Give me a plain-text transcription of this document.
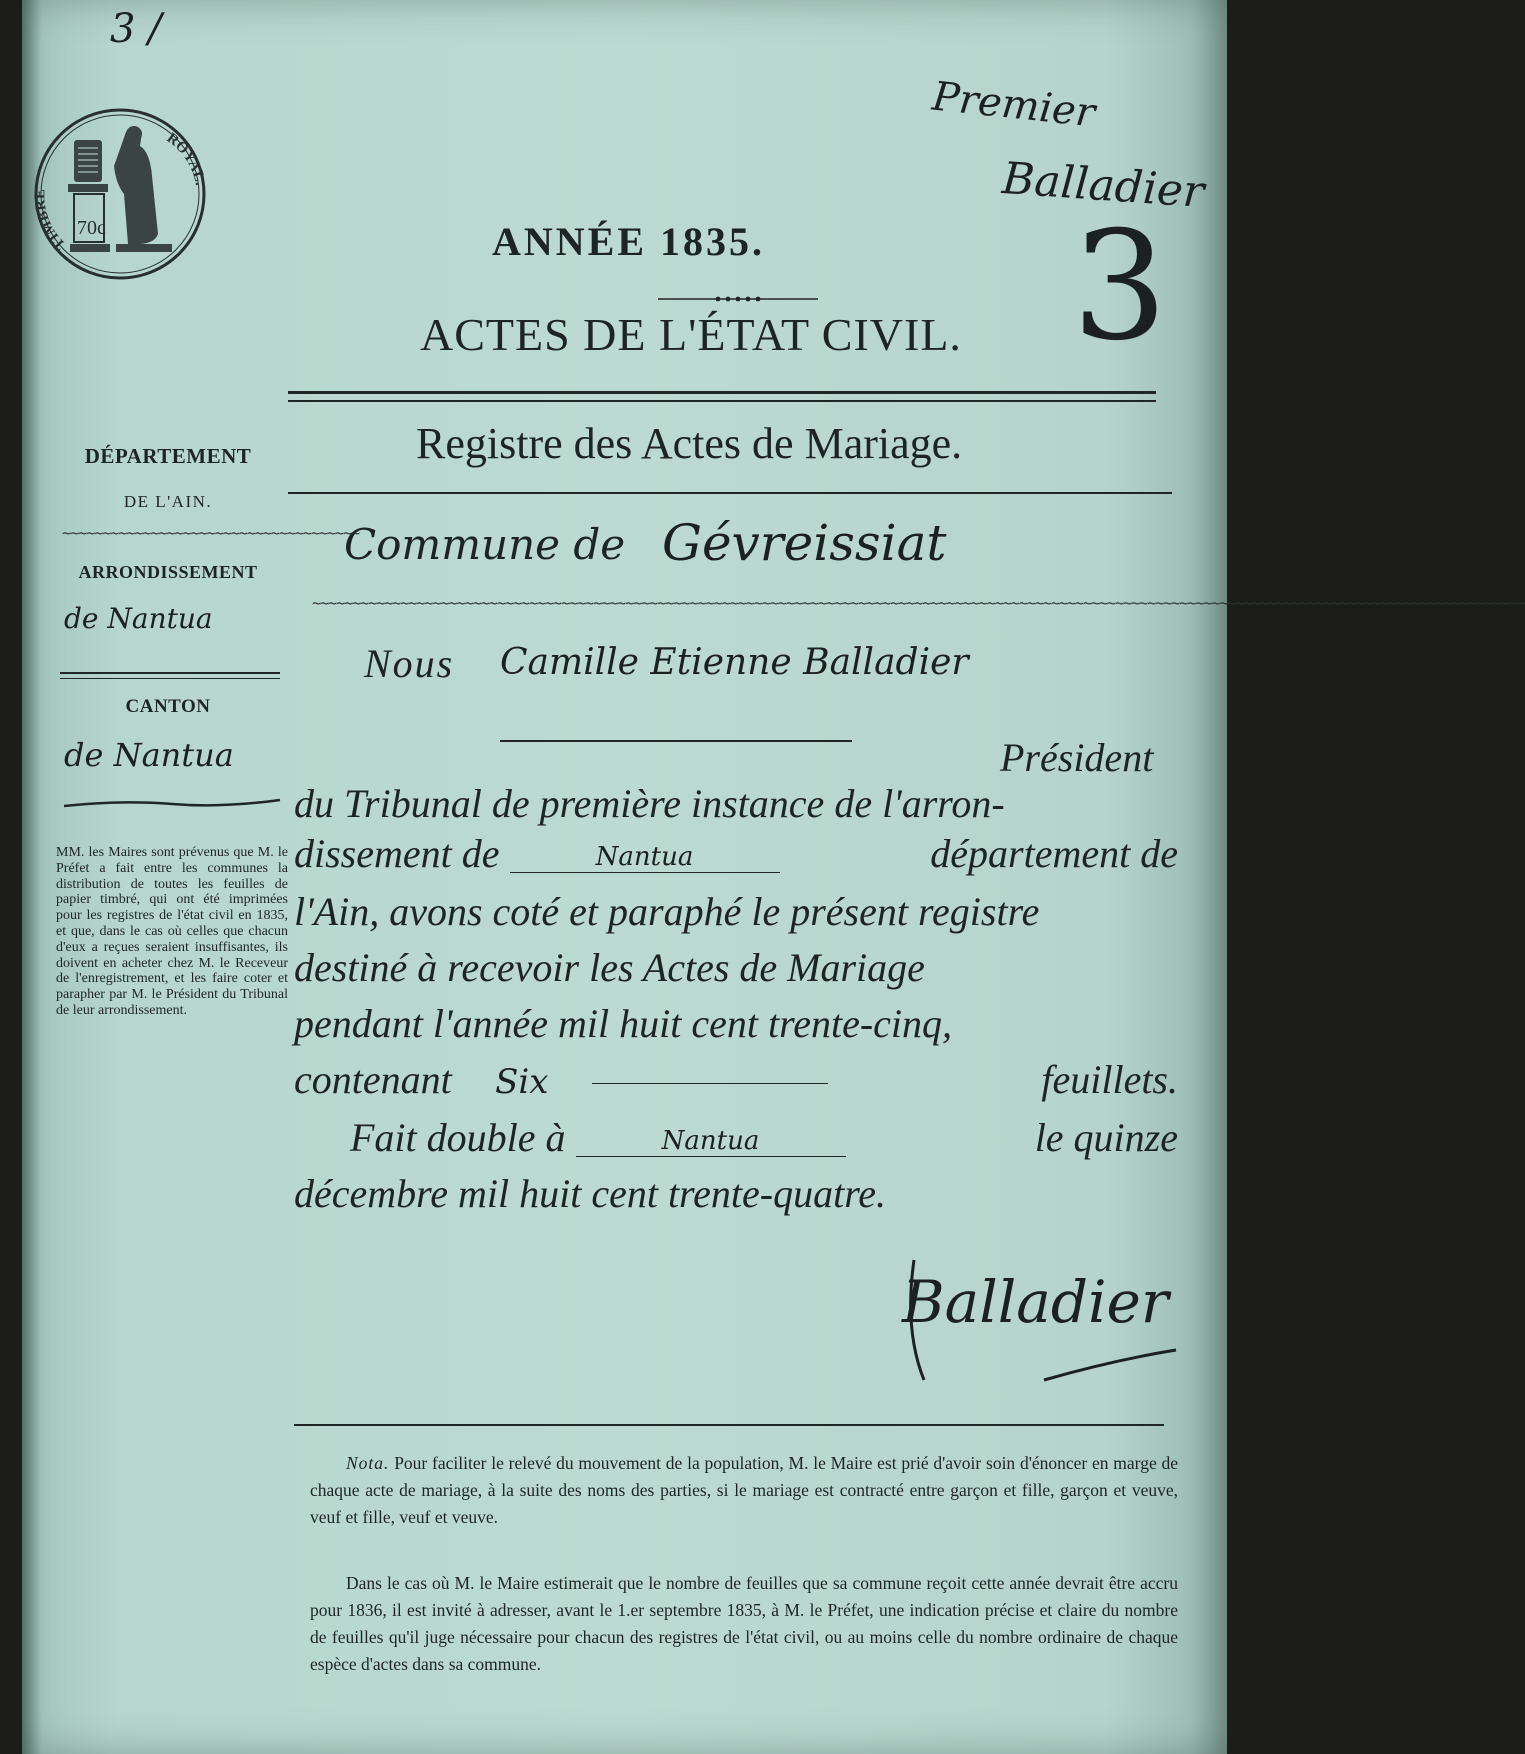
3 /
TIMBRE
ROYAL.
70c	ANNÉE 1835.
ACTES DE L'ÉTAT CIVIL.
Premier
Balladier
3
Registre des Actes de Mariage.
DÉPARTEMENT
DE L'AIN.
~~~~~~~~~~~~~~~~~~~~~~~~~~~~~~~~~~~~~
ARRONDISSEMENT
de Nantua
CANTON
de Nantua
MM. les Maires sont prévenus que M. le Préfet a fait entre les communes la distribution de toutes les feuilles de papier timbré, qui ont été imprimées pour les registres de l'état civil en 1835, et que, dans le cas où celles que chacun d'eux a reçues seraient insuffisantes, ils doivent en acheter chez M. le Receveur de l'enregistrement, et les faire coter et parapher par M. le Président du Tribunal de leur arrondissement.
Commune de Gévreissiat
~~~~~~~~~~~~~~~~~~~~~~~~~~~~~~~~~~~~~~~~~~~~~~~~~~~~~~~~~~~~~~~~~~~~~~~~~~~~~~~~~~~~~~~~~~~~~~~~~~~~~~~~~~~~~~~~~~~~~~~~~~~~~~~~~~~~~~~~~~~~~~~~~~~~~~~
Nous Camille Etienne Balladier
Président
du Tribunal de première instance de l'arron-
dissement de	Nantua	département de
l'Ain, avons coté et paraphé le présent registre
destiné à recevoir les Actes de Mariage
pendant l'année mil huit cent trente-cinq,
contenant Six	feuillets.
Fait double à	Nantua	le quinze
décembre mil huit cent trente-quatre.
Balladier
Nota. Pour faciliter le relevé du mouvement de la population, M. le Maire est prié d'avoir soin d'énoncer en marge de chaque acte de mariage, à la suite des noms des parties, si le mariage est contracté entre garçon et fille, garçon et veuve, veuf et fille, veuf et veuve.
Dans le cas où M. le Maire estimerait que le nombre de feuilles que sa commune reçoit cette année devrait être accru pour 1836, il est invité à adresser, avant le 1.er septembre 1835, à M. le Préfet, une indication précise et claire du nombre de feuilles qu'il juge nécessaire pour chacun des registres de l'état civil, ou au moins celle du nombre ordinaire de chaque espèce d'actes dans sa commune.
